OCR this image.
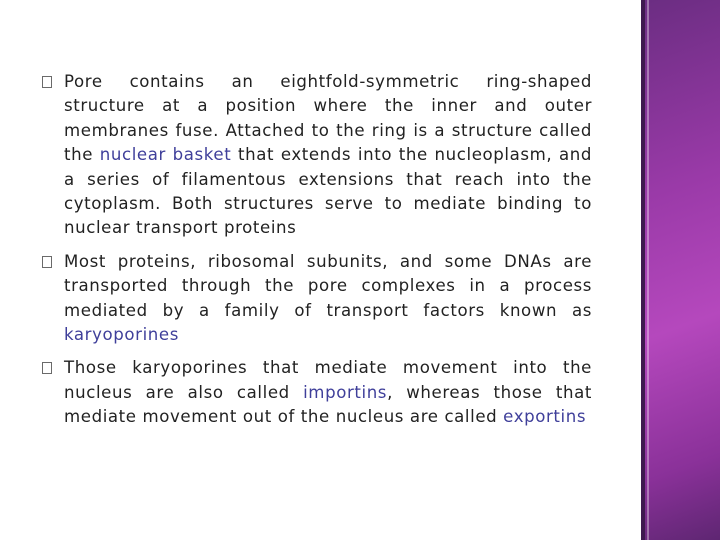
Pore contains an eightfold-symmetric ring-shaped structure at a position where the inner and outer membranes fuse. Attached to the ring is a structure called the nuclear basket that extends into the nucleoplasm, and a series of filamentous extensions that reach into the cytoplasm. Both structures serve to mediate binding to nuclear transport proteins
Most proteins, ribosomal subunits, and some DNAs are transported through the pore complexes in a process mediated by a family of transport factors known as karyoporines
Those karyoporines that mediate movement into the nucleus are also called importins, whereas those that mediate movement out of the nucleus are called exportins
